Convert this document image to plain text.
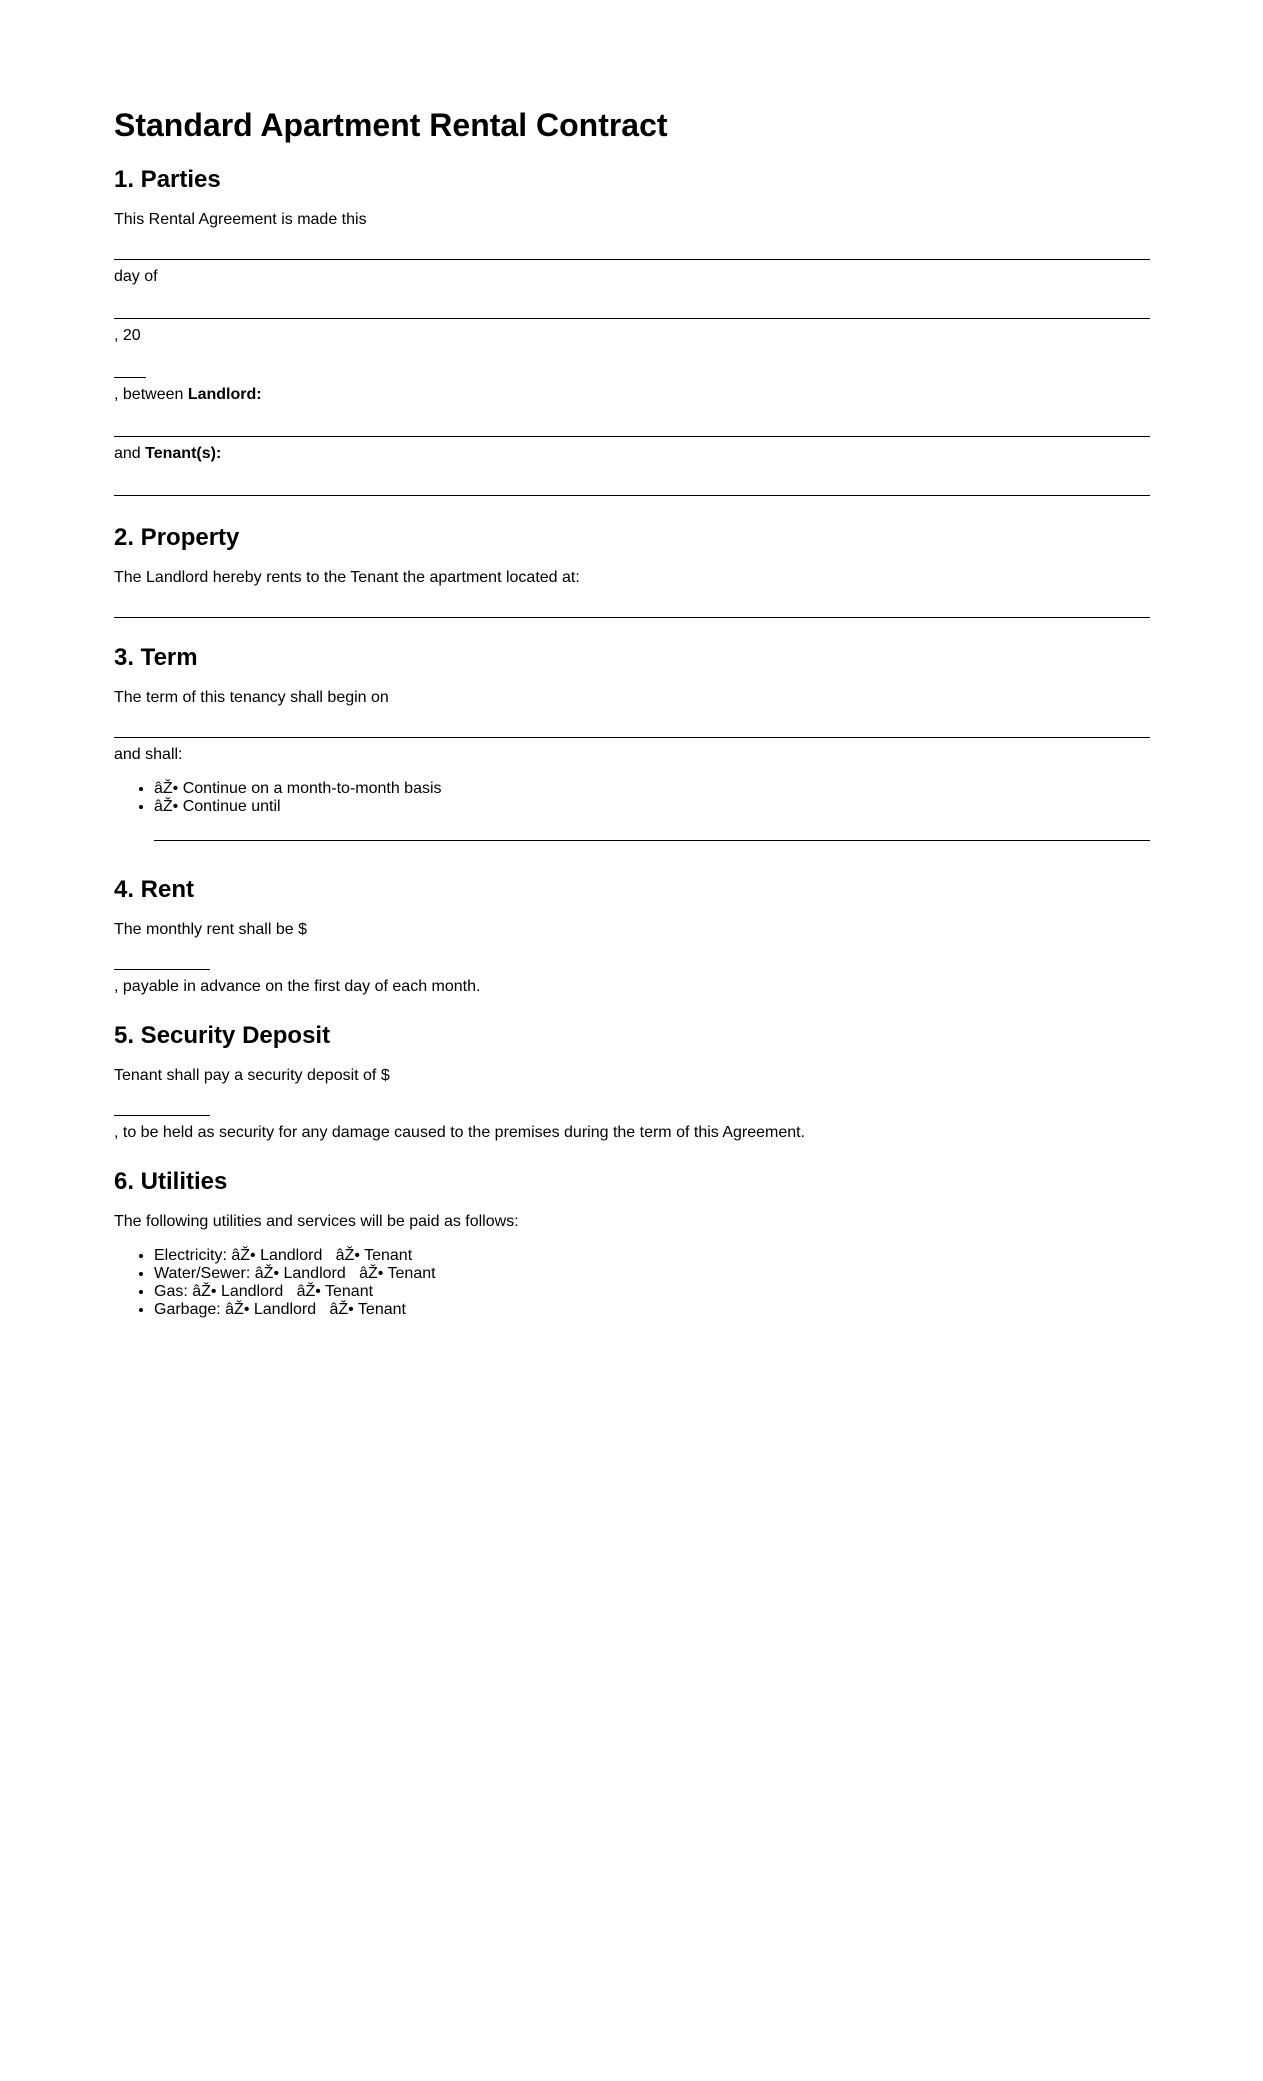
Standard Apartment Rental Contract
1. Parties

This Rental Agreement is made this

day of

, 20

, between Landlord:

and Tenant(s):

2. Property

The Landlord hereby rents to the Tenant the apartment located at:

3. Term

The term of this tenancy shall begin on

and shall:

• âŽ• Continue on a month-to-month basis
• âŽ• Continue until
4. Rent

The monthly rent shall be $

, payable in advance on the first day of each month.

5. Security Deposit

Tenant shall pay a security deposit of $

, to be held as security for any damage caused to the premises during the term of this Agreement.

6. Utilities

The following utilities and services will be paid as follows:

• Electricity: âŽ• Landlord   âŽ• Tenant
• Water/Sewer: âŽ• Landlord   âŽ• Tenant
• Gas: âŽ• Landlord   âŽ• Tenant
• Garbage: âŽ• Landlord   âŽ• Tenant
